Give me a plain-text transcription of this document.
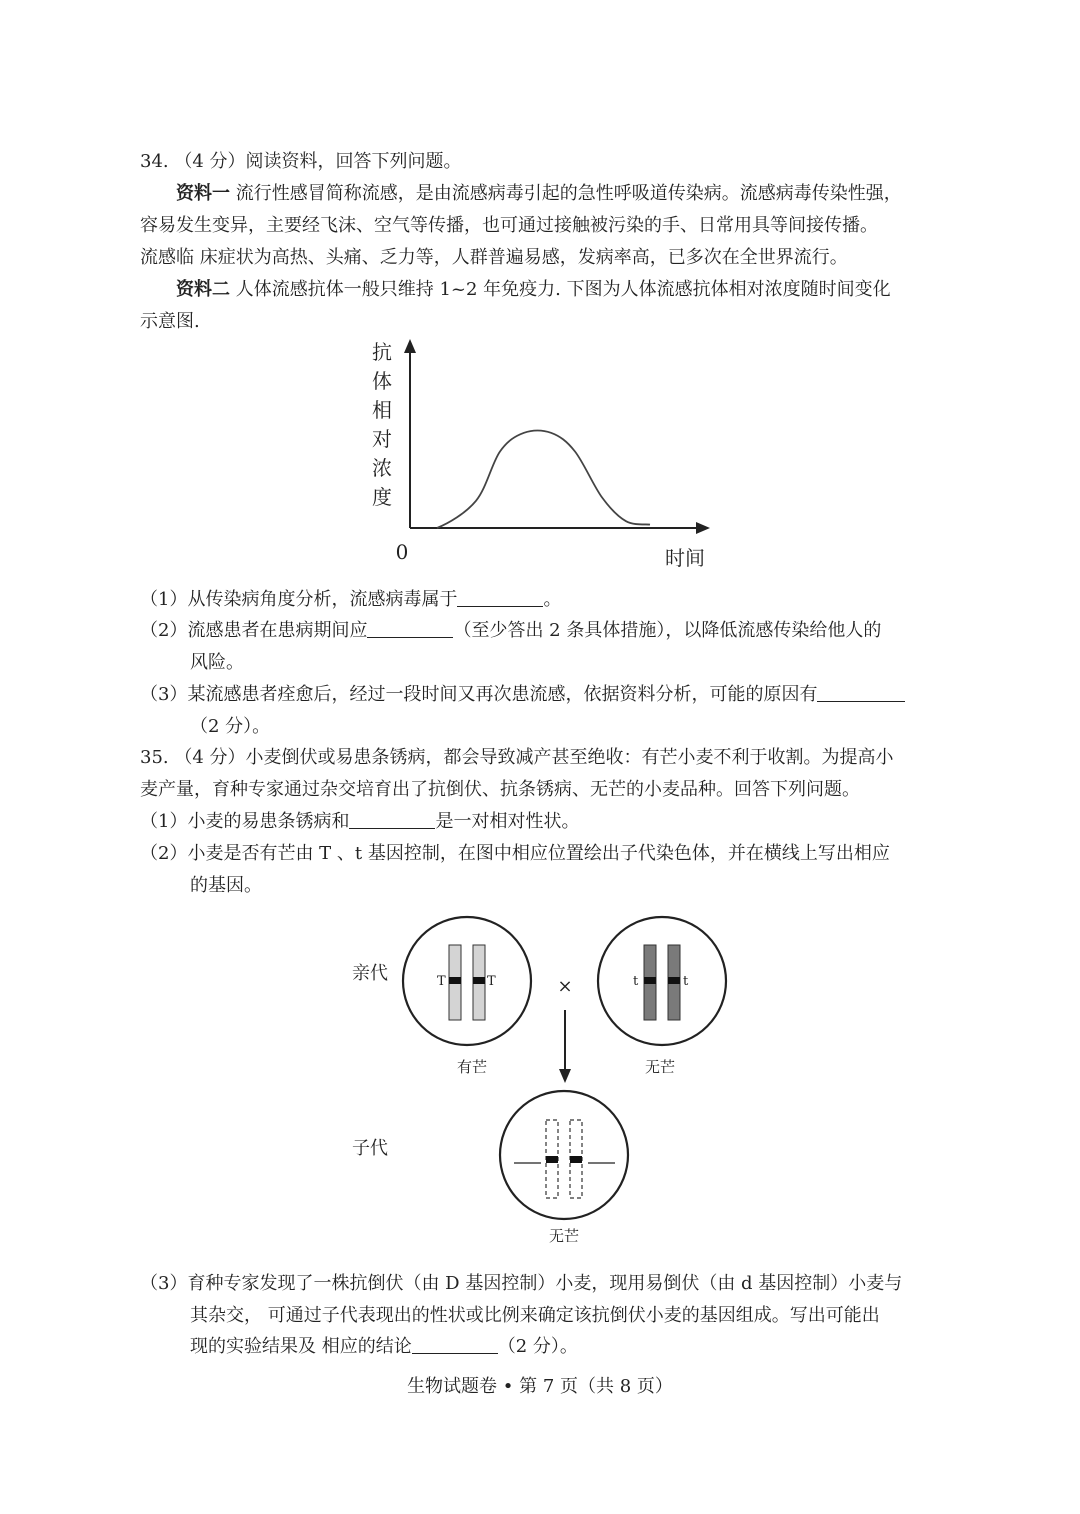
34. （4 分）阅读资料，回答下列问题。
资料一 流行性感冒简称流感，是由流感病毒引起的急性呼吸道传染病。流感病毒传染性强，
容易发生变异，主要经飞沫、空气等传播，也可通过接触被污染的手、日常用具等间接传播。
流感临 床症状为高热、头痛、乏力等，人群普遍易感，发病率高，已多次在全世界流行。
资料二 人体流感抗体一般只维持 1~2 年免疫力. 下图为人体流感抗体相对浓度随时间变化
示意图.
抗
体
相
对
浓
度
0	时间
（1）从传染病角度分析，流感病毒属于	。
（2）流感患者在患病期间应	（至少答出 2 条具体措施），以降低流感传染给他人的
风险。
（3）某流感患者痊愈后，经过一段时间又再次患流感，依据资料分析，可能的原因有
（2 分）。
35. （4 分）小麦倒伏或易患条锈病，都会导致减产甚至绝收：有芒小麦不利于收割。为提高小
麦产量，育种专家通过杂交培育出了抗倒伏、抗条锈病、无芒的小麦品种。回答下列问题。
（1）小麦的易患条锈病和	是一对相对性状。
（2）小麦是否有芒由 T 、t 基因控制，在图中相应位置绘出子代染色体，并在横线上写出相应
的基因。
亲代
子代
T	T
有芒
×	t	t
无芒
无芒
（3）育种专家发现了一株抗倒伏（由 D 基因控制）小麦，现用易倒伏（由 d 基因控制）小麦与
其杂交， 可通过子代表现出的性状或比例来确定该抗倒伏小麦的基因组成。写出可能出
现的实验结果及 相应的结论	（2 分）。
生物试题卷 • 第 7 页（共 8 页）
